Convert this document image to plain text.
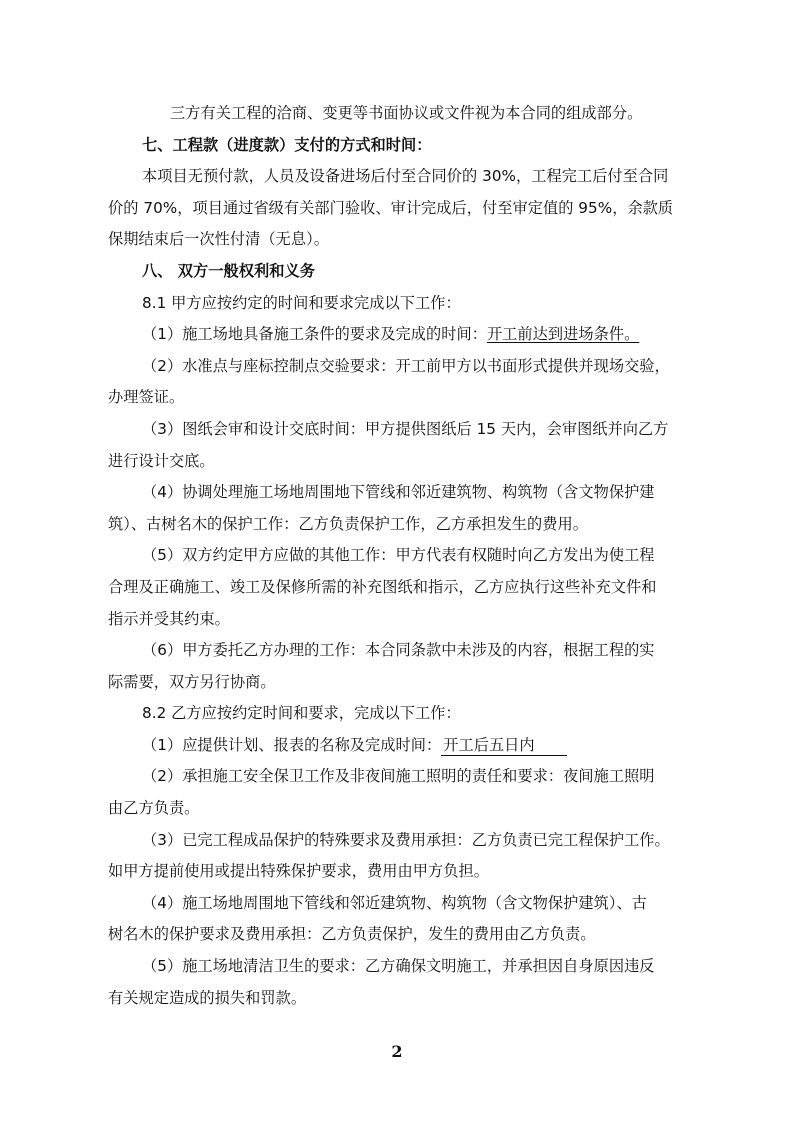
三方有关工程的洽商、变更等书面协议或文件视为本合同的组成部分。
七、工程款（进度款）支付的方式和时间：
本项目无预付款，人员及设备进场后付至合同价的 30%，工程完工后付至合同
价的 70%，项目通过省级有关部门验收、审计完成后，付至审定值的 95%，余款质
保期结束后一次性付清（无息）。
八、 双方一般权利和义务
8.1 甲方应按约定的时间和要求完成以下工作：
（1）施工场地具备施工条件的要求及完成的时间：开工前达到进场条件。
（2）水准点与座标控制点交验要求：开工前甲方以书面形式提供并现场交验，
办理签证。
（3）图纸会审和设计交底时间：甲方提供图纸后 15 天内，会审图纸并向乙方
进行设计交底。
（4）协调处理施工场地周围地下管线和邻近建筑物、构筑物（含文物保护建
筑）、古树名木的保护工作：乙方负责保护工作，乙方承担发生的费用。
（5）双方约定甲方应做的其他工作：甲方代表有权随时向乙方发出为使工程
合理及正确施工、竣工及保修所需的补充图纸和指示，乙方应执行这些补充文件和
指示并受其约束。
（6）甲方委托乙方办理的工作：本合同条款中未涉及的内容，根据工程的实
际需要，双方另行协商。
8.2 乙方应按约定时间和要求，完成以下工作：
（1）应提供计划、报表的名称及完成时间： 开工后五日内  
（2）承担施工安全保卫工作及非夜间施工照明的责任和要求：夜间施工照明
由乙方负责。
（3）已完工程成品保护的特殊要求及费用承担：乙方负责已完工程保护工作。
如甲方提前使用或提出特殊保护要求，费用由甲方负担。
（4）施工场地周围地下管线和邻近建筑物、构筑物（含文物保护建筑）、古
树名木的保护要求及费用承担：乙方负责保护，发生的费用由乙方负责。
（5）施工场地清洁卫生的要求：乙方确保文明施工，并承担因自身原因违反
有关规定造成的损失和罚款。
2
